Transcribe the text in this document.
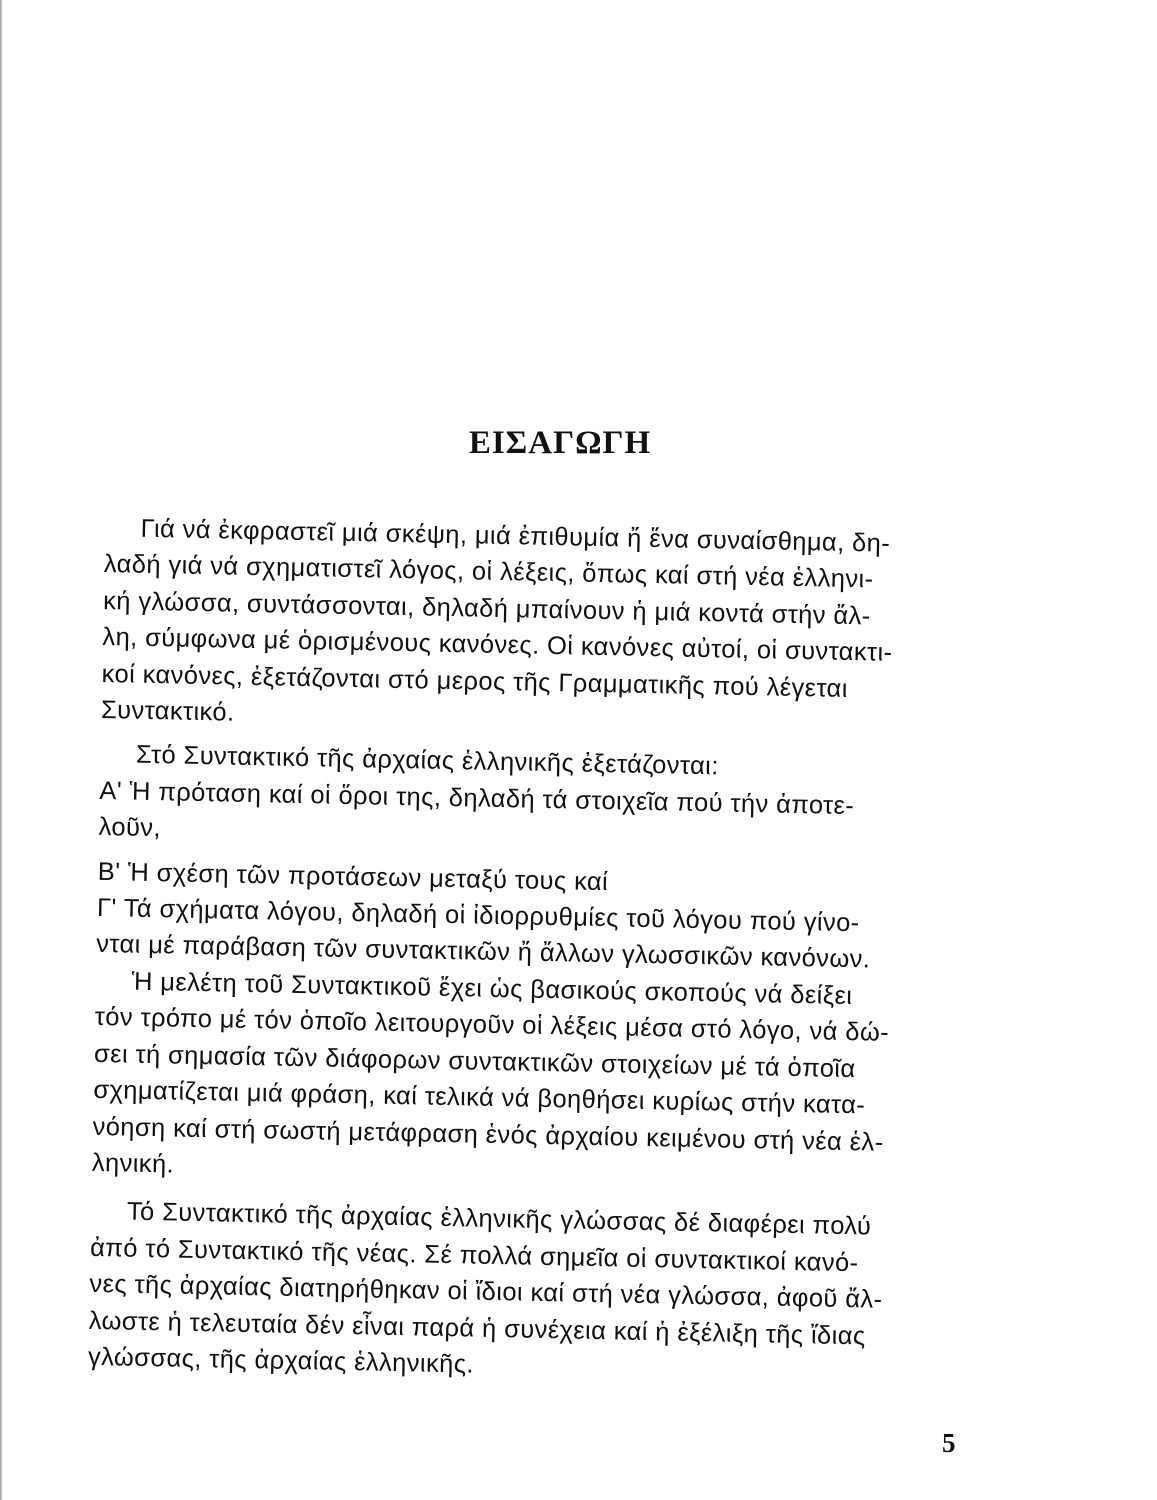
ΕΙΣΑΓΩΓΗ

Γιά νά ἐκφραστεῖ μιά σκέψη, μιά ἐπιθυμία ἤ ἕνα συναίσθημα, δη-
λαδή γιά νά σχηματιστεῖ λόγος, οἱ λέξεις, ὅπως καί στή νέα ἑλληνι-
κή γλώσσα, συντάσσονται, δηλαδή μπαίνουν ἡ μιά κοντά στήν ἄλ-
λη, σύμφωνα μέ ὁρισμένους κανόνες. Οἱ κανόνες αὐτοί, οἱ συντακτι-
κοί κανόνες, ἐξετάζονται στό μερος τῆς Γραμματικῆς πού λέγεται
Συντακτικό.

Στό Συντακτικό τῆς ἀρχαίας ἑλληνικῆς ἐξετάζονται:

Α' Ἡ πρόταση καί οἱ ὅροι της, δηλαδή τά στοιχεῖα πού τήν ἀποτε-
λοῦν,

Β' Ἡ σχέση τῶν προτάσεων μεταξύ τους καί
Γ' Τά σχήματα λόγου, δηλαδή οἱ ἰδιορρυθμίες τοῦ λόγου πού γίνο-
νται μέ παράβαση τῶν συντακτικῶν ἤ ἄλλων γλωσσικῶν κανόνων.

Ἡ μελέτη τοῦ Συντακτικοῦ ἔχει ὡς βασικούς σκοπούς νά δείξει
τόν τρόπο μέ τόν ὁποῖο λειτουργοῦν οἱ λέξεις μέσα στό λόγο, νά δώ-
σει τή σημασία τῶν διάφορων συντακτικῶν στοιχείων μέ τά ὁποῖα
σχηματίζεται μιά φράση, καί τελικά νά βοηθήσει κυρίως στήν κατα-
νόηση καί στή σωστή μετάφραση ἑνός ἀρχαίου κειμένου στή νέα ἑλ-
ληνική.

Τό Συντακτικό τῆς ἀρχαίας ἑλληνικῆς γλώσσας δέ διαφέρει πολύ
ἀπό τό Συντακτικό τῆς νέας. Σέ πολλά σημεῖα οἱ συντακτικοί κανό-
νες τῆς ἀρχαίας διατηρήθηκαν οἱ ἴδιοι καί στή νέα γλώσσα, ἀφοῦ ἄλ-
λωστε ἡ τελευταία δέν εἶναι παρά ἡ συνέχεια καί ἡ ἐξέλιξη τῆς ἴδιας
γλώσσας, τῆς ἀρχαίας ἑλληνικῆς.

5
